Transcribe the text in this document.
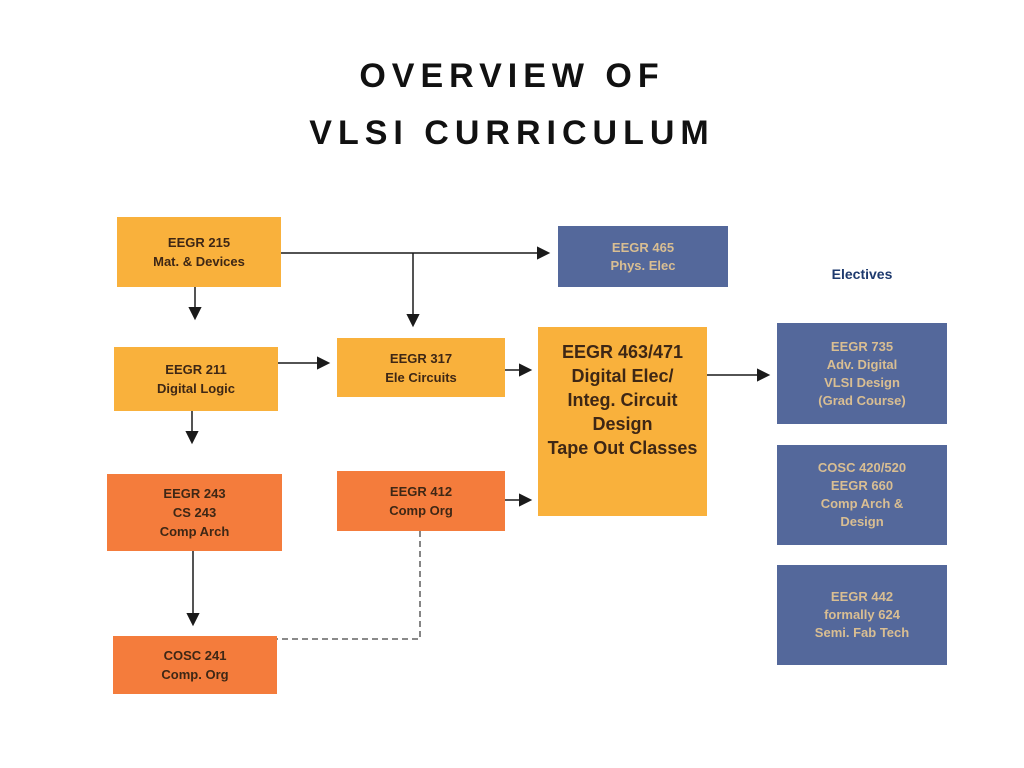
OVERVIEW OF
VLSI CURRICULUM
EEGR 215
Mat. & Devices
EEGR 465
Phys. Elec
Electives
EEGR 211
Digital Logic
EEGR 317
Ele Circuits
EEGR 463/471
Digital Elec/
Integ. Circuit
Design
Tape Out Classes
EEGR 735
Adv. Digital
VLSI Design
(Grad Course)
EEGR 243
CS 243
Comp Arch
EEGR 412
Comp Org
COSC 420/520
EEGR 660
Comp Arch &
Design
EEGR 442
formally 624
Semi. Fab Tech
COSC 241
Comp. Org
